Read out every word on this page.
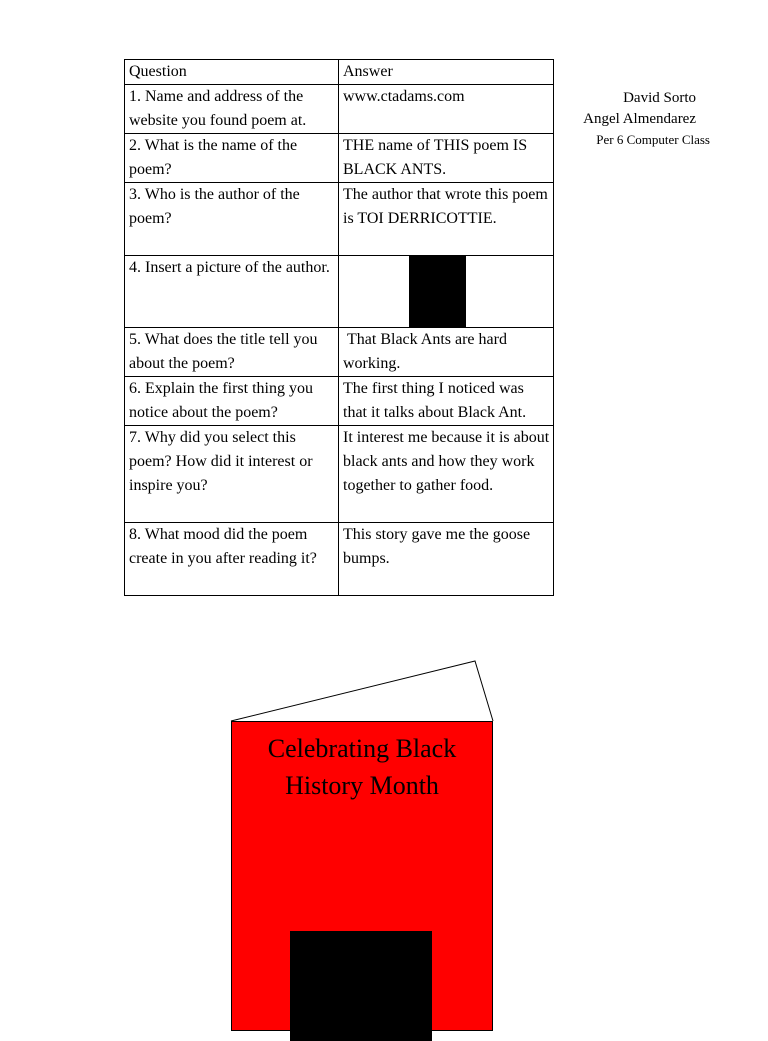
Question	Answer
1. Name and address of the website you found poem at.	www.ctadams.com
2. What is the name of the poem?	THE name of THIS poem IS BLACK ANTS.
3. Who is the author of the poem?	The author that wrote this poem is TOI DERRICOTTIE.
4. Insert a picture of the author.	

5. What does the title tell you about the poem?	That Black Ants are hard working.
6. Explain the first thing you notice about the poem?	The first thing I noticed was that it talks about Black Ant.
7. Why did you select this poem? How did it interest or inspire you?	It interest me because it is about black ants and how they work together to gather food.
8. What mood did the poem create in you after reading it?	This story gave me the goose bumps.
David Sorto
Angel Almendarez
Per 6 Computer Class
Celebrating Black
History Month
